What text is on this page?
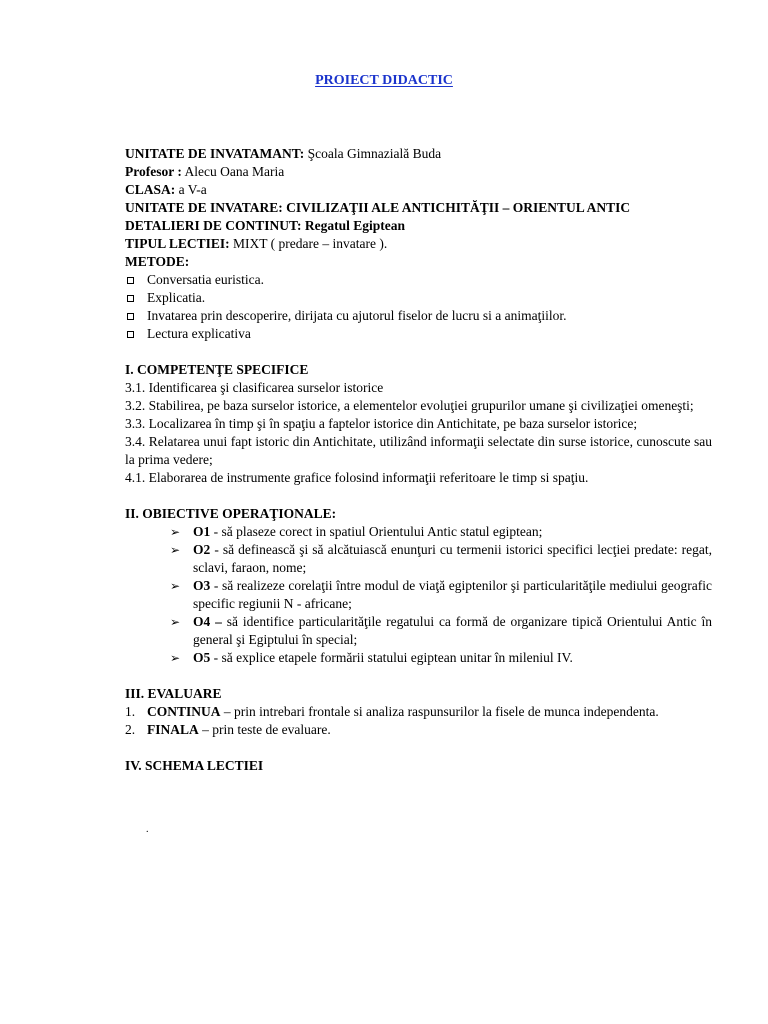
PROIECT DIDACTIC
UNITATE DE INVATAMANT: Şcoala Gimnazială Buda
Profesor : Alecu Oana Maria
CLASA: a V-a
UNITATE DE INVATARE: CIVILIZAŢII ALE ANTICHITĂŢII – ORIENTUL ANTIC
DETALIERI DE CONTINUT: Regatul Egiptean
TIPUL LECTIEI: MIXT ( predare – invatare ).
METODE:
Conversatia euristica.
Explicatia.
Invatarea prin descoperire, dirijata cu ajutorul fiselor de lucru si a animaţiilor.
Lectura explicativa
I. COMPETENŢE SPECIFICE
3.1. Identificarea şi clasificarea surselor istorice
3.2. Stabilirea, pe baza surselor istorice, a elementelor evoluţiei grupurilor umane şi civilizaţiei omeneşti;
3.3. Localizarea în timp şi în spaţiu a faptelor istorice din Antichitate, pe baza surselor istorice;
3.4. Relatarea unui fapt istoric din Antichitate, utilizând informaţii selectate din surse istorice, cunoscute sau la prima vedere;
4.1. Elaborarea de instrumente grafice folosind informaţii referitoare le timp si spaţiu.
II. OBIECTIVE OPERAŢIONALE:
➢ O1 - să plaseze corect in spatiul Orientului Antic statul egiptean;
➢ O2 - să definească şi să alcătuiască enunţuri cu termenii istorici specifici lecţiei predate: regat, sclavi, faraon, nome;
➢ O3 - să realizeze corelaţii între modul de viaţă egiptenilor şi particularităţile mediului geografic specific regiunii N - africane;
➢ O4 – să identifice particularităţile regatului ca formă de organizare tipică Orientului Antic în general şi Egiptului în special;
➢ O5 - să explice etapele formării statului egiptean unitar în mileniul IV.
III. EVALUARE
1. CONTINUA – prin intrebari frontale si analiza raspunsurilor la fisele de munca independenta.
2. FINALA – prin teste de evaluare.
IV. SCHEMA LECTIEI
.
